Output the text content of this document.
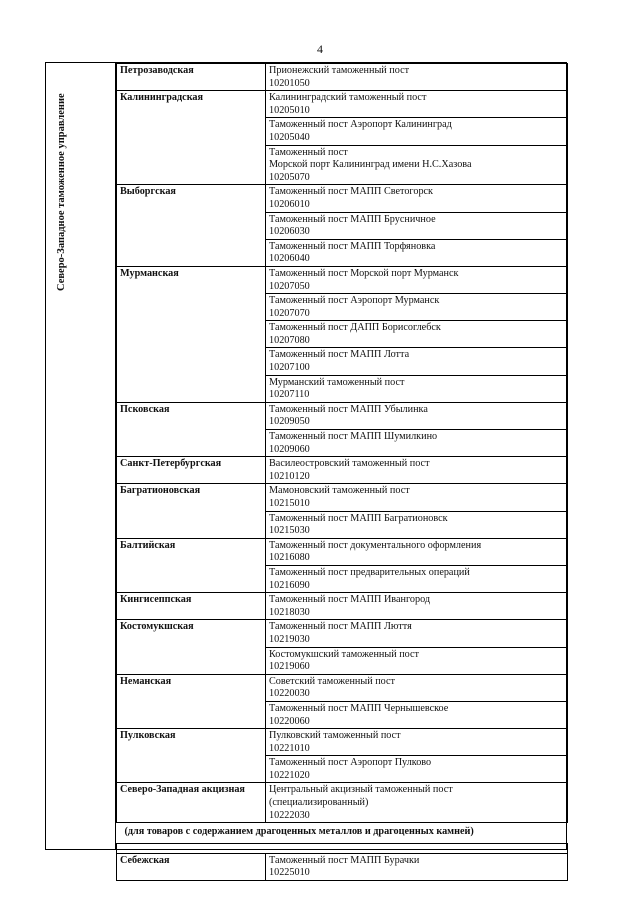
4
Северо-Западное таможенное управление
Петрозаводская	Прионежский таможенный пост
10201050

Калининградская	Калининградский таможенный пост
10205010

	Таможенный пост Аэропорт Калининград
10205040

	Таможенный пост
Морской порт Калининград имени Н.С.Хазова
10205070

Выборгская	Таможенный пост МАПП Светогорск
10206010

	Таможенный пост МАПП Брусничное
10206030

	Таможенный пост МАПП Торфяновка
10206040

Мурманская	Таможенный пост Морской порт Мурманск
10207050

	Таможенный пост Аэропорт Мурманск
10207070

	Таможенный пост ДАПП Борисоглебск
10207080

	Таможенный пост МАПП Лотта
10207100

	Мурманский таможенный пост
10207110

Псковская	Таможенный пост МАПП Убылинка
10209050

	Таможенный пост МАПП Шумилкино
10209060

Санкт-Петербургская	Василеостровский таможенный пост
10210120

Багратионовская	Мамоновский таможенный пост
10215010

	Таможенный пост МАПП Багратионовск
10215030

Балтийская	Таможенный пост документального оформления
10216080

	Таможенный пост предварительных операций
10216090

Кингисеппская	Таможенный пост МАПП Ивангород
10218030

Костомукшская	Таможенный пост МАПП Люття
10219030

	Костомукшский таможенный пост
10219060

Неманская	Советский таможенный пост
10220030

	Таможенный пост МАПП Чернышевское
10220060

Пулковская	Пулковский таможенный пост
10221010

	Таможенный пост Аэропорт Пулково
10221020

Северо-Западная акцизная	Центральный акцизный таможенный пост
(специализированный)
10222030

(для товаров с содержанием драгоценных металлов и драгоценных камней)	

Себежская	Таможенный пост МАПП Бурачки
10225010
